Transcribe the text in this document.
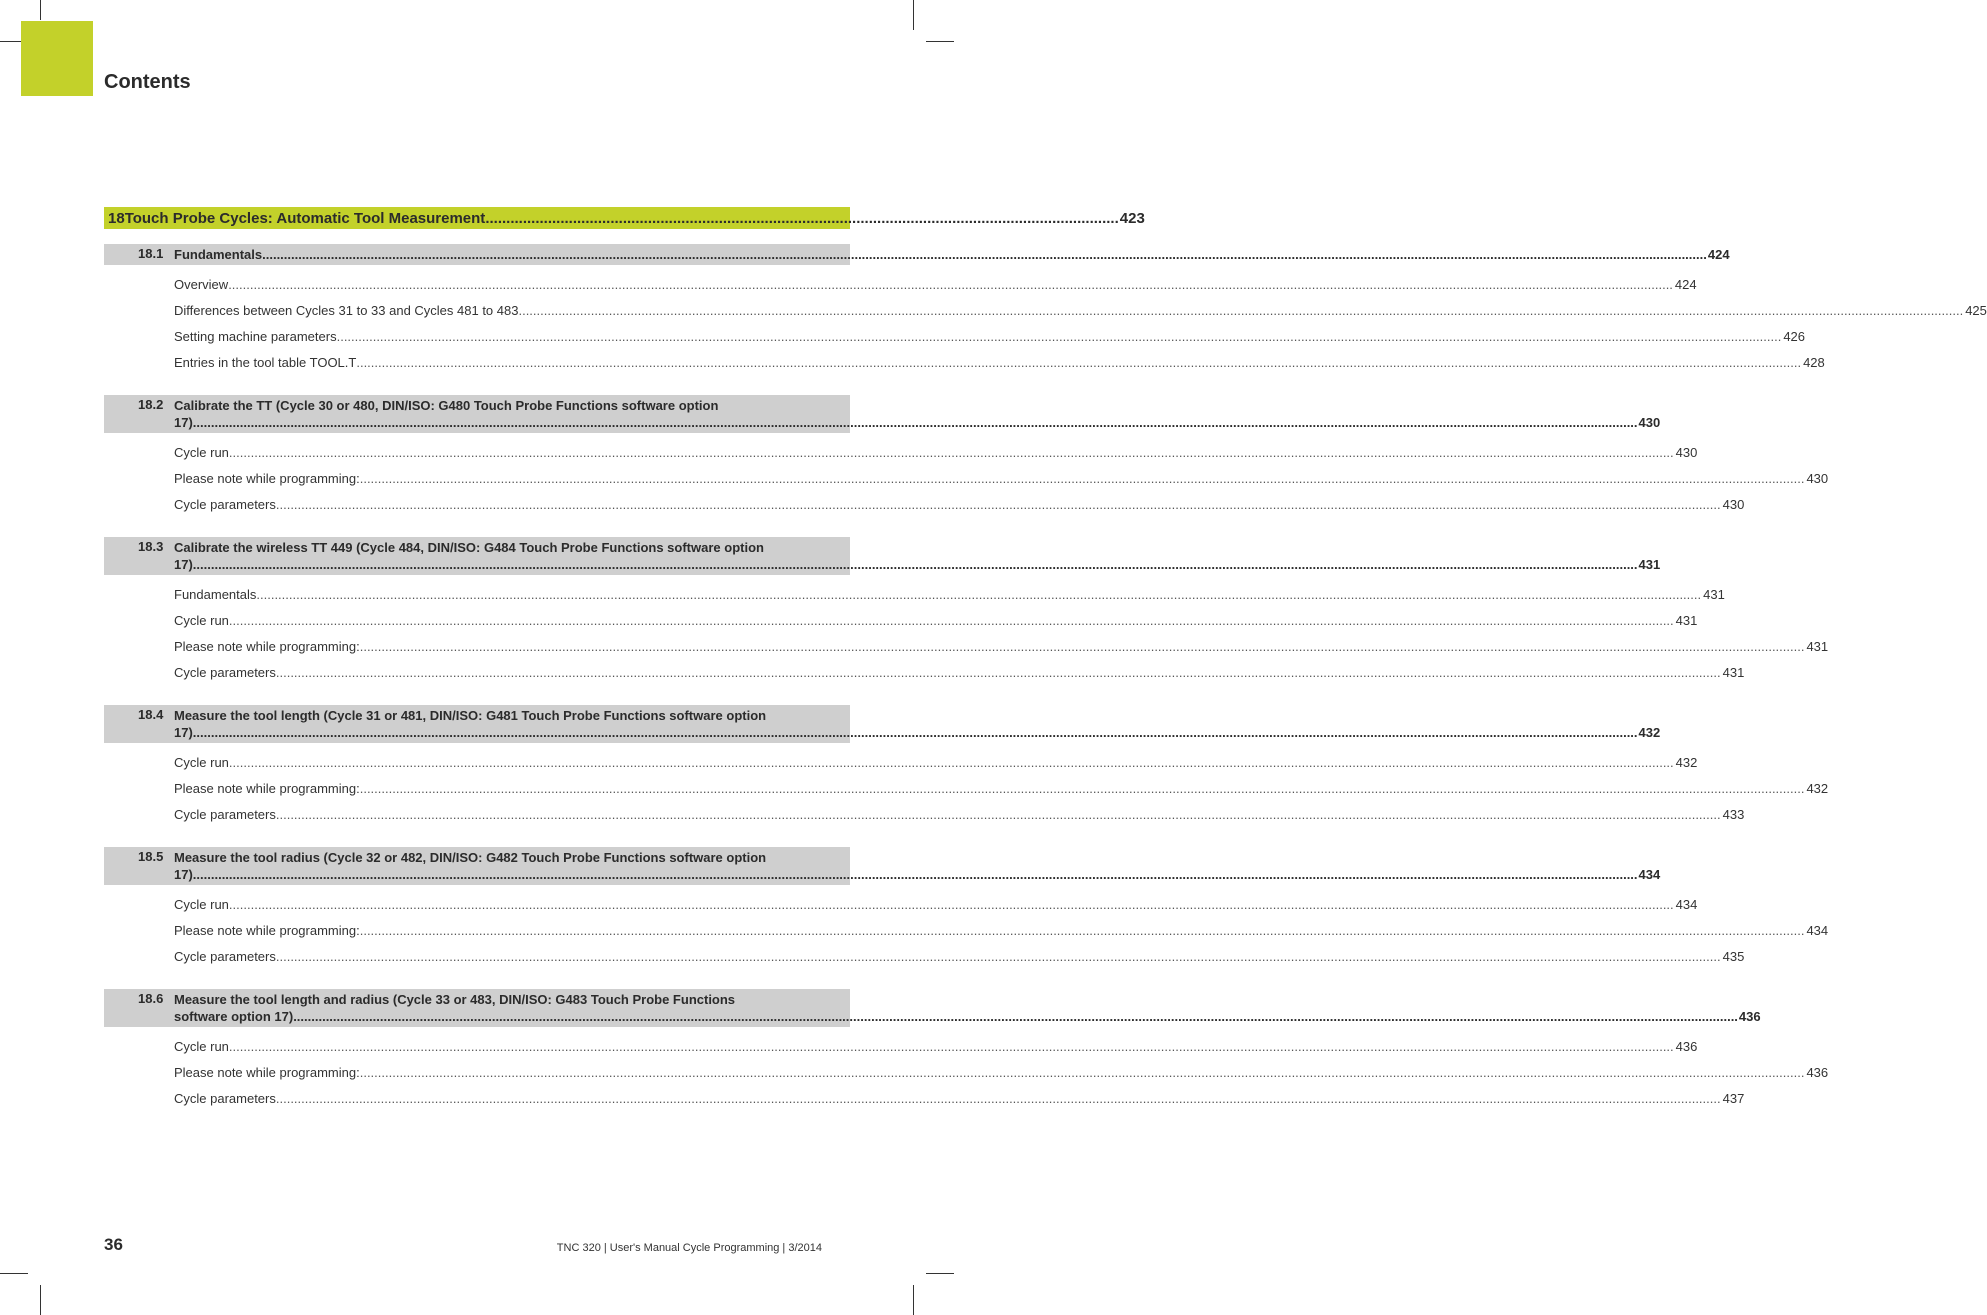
Contents
18 Touch Probe Cycles: Automatic Tool Measurement ........................................................................................................................................................ 423
18.1 Fundamentals ................................................................................................................................................................................................................................................................................................................................................................................................................ 424
Overview ................................................................................................................................................................................................................................................................................................................................................................................................................ 424
Differences between Cycles 31 to 33 and Cycles 481 to 483 ................................................................................................................................................................................................................................................................................................................................................................................................................ 425
Setting machine parameters ................................................................................................................................................................................................................................................................................................................................................................................................................ 426
Entries in the tool table TOOL.T ................................................................................................................................................................................................................................................................................................................................................................................................................ 428
18.2 Calibrate the TT (Cycle 30 or 480, DIN/ISO: G480 Touch Probe Functions software option
17) ................................................................................................................................................................................................................................................................................................................................................................................................................ 430
Cycle run ................................................................................................................................................................................................................................................................................................................................................................................................................ 430
Please note while programming: ................................................................................................................................................................................................................................................................................................................................................................................................................ 430
Cycle parameters ................................................................................................................................................................................................................................................................................................................................................................................................................ 430
18.3 Calibrate the wireless TT 449 (Cycle 484, DIN/ISO: G484 Touch Probe Functions software option
17) ................................................................................................................................................................................................................................................................................................................................................................................................................ 431
Fundamentals ................................................................................................................................................................................................................................................................................................................................................................................................................ 431
Cycle run ................................................................................................................................................................................................................................................................................................................................................................................................................ 431
Please note while programming: ................................................................................................................................................................................................................................................................................................................................................................................................................ 431
Cycle parameters ................................................................................................................................................................................................................................................................................................................................................................................................................ 431
18.4 Measure the tool length (Cycle 31 or 481, DIN/ISO: G481 Touch Probe Functions software option
17) ................................................................................................................................................................................................................................................................................................................................................................................................................ 432
Cycle run ................................................................................................................................................................................................................................................................................................................................................................................................................ 432
Please note while programming: ................................................................................................................................................................................................................................................................................................................................................................................................................ 432
Cycle parameters ................................................................................................................................................................................................................................................................................................................................................................................................................ 433
18.5 Measure the tool radius (Cycle 32 or 482, DIN/ISO: G482 Touch Probe Functions software option
17) ................................................................................................................................................................................................................................................................................................................................................................................................................ 434
Cycle run ................................................................................................................................................................................................................................................................................................................................................................................................................ 434
Please note while programming: ................................................................................................................................................................................................................................................................................................................................................................................................................ 434
Cycle parameters ................................................................................................................................................................................................................................................................................................................................................................................................................ 435
18.6 Measure the tool length and radius (Cycle 33 or 483, DIN/ISO: G483 Touch Probe Functions
software option 17) ................................................................................................................................................................................................................................................................................................................................................................................................................ 436
Cycle run ................................................................................................................................................................................................................................................................................................................................................................................................................ 436
Please note while programming: ................................................................................................................................................................................................................................................................................................................................................................................................................ 436
Cycle parameters ................................................................................................................................................................................................................................................................................................................................................................................................................ 437
36	TNC 320 | User's Manual Cycle Programming | 3/2014
